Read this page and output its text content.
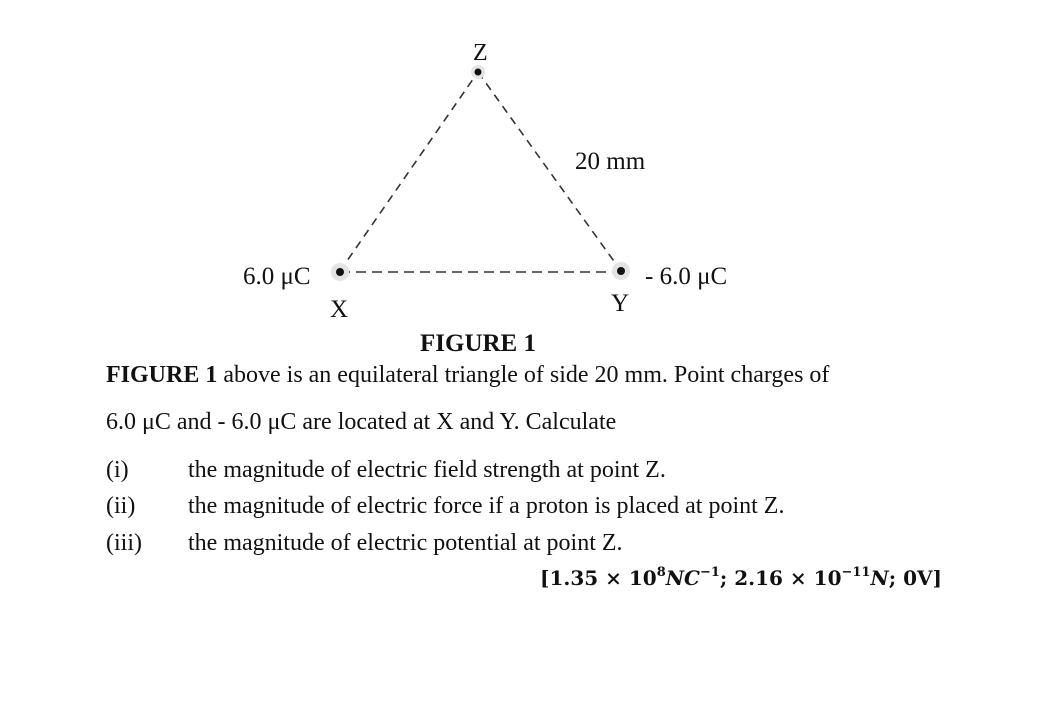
Z
20 mm
6.0 μC	- 6.0 μC
X	Y
FIGURE 1
FIGURE 1 above is an equilateral triangle of side 20 mm. Point charges of
6.0 μC and - 6.0 μC are located at X and Y. Calculate
(i) the magnitude of electric field strength at point Z.
(ii) the magnitude of electric force if a proton is placed at point Z.
(iii) the magnitude of electric potential at point Z.
[$1.35 \times 10^8NC^{-1}$; $2.16 \times 10^{-11}N$; 0V]
